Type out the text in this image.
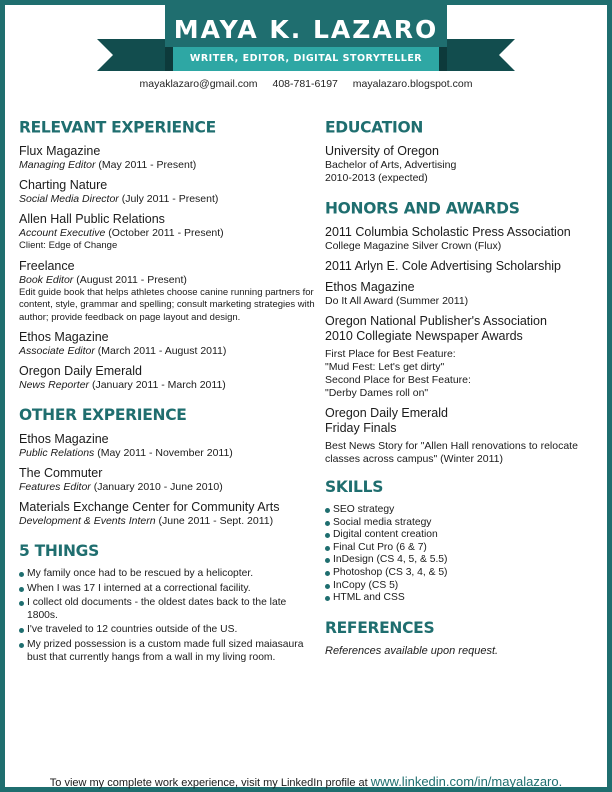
MAYA K. LAZARO
WRITER, EDITOR, DIGITAL STORYTELLER
mayaklazaro@gmail.com 408-781-6197 mayalazaro.blogspot.com
RELEVANT EXPERIENCE
Flux Magazine
Managing Editor (May 2011 - Present)
Charting Nature
Social Media Director (July 2011 - Present)
Allen Hall Public Relations
Account Executive (October 2011 - Present)
Client: Edge of Change
Freelance
Book Editor (August 2011 - Present)
Edit guide book that helps athletes choose canine running partners for content, style, grammar and spelling; consult marketing strategies with author; provide feedback on page layout and design.
Ethos Magazine
Associate Editor (March 2011 - August 2011)
Oregon Daily Emerald
News Reporter (January 2011 - March 2011)
OTHER EXPERIENCE
Ethos Magazine
Public Relations (May 2011 - November 2011)
The Commuter
Features Editor (January 2010 - June 2010)
Materials Exchange Center for Community Arts
Development & Events Intern (June 2011 - Sept. 2011)
5 THINGS
My family once had to be rescued by a helicopter.
When I was 17 I interned at a correctional facility.
I collect old documents - the oldest dates back to the late 1800s.
I've traveled to 12 countries outside of the US.
My prized possession is a custom made full sized maiasaura bust that currently hangs from a wall in my living room.
EDUCATION
University of Oregon
Bachelor of Arts, Advertising
2010-2013 (expected)
HONORS AND AWARDS
2011 Columbia Scholastic Press Association
College Magazine Silver Crown (Flux)
2011 Arlyn E. Cole Advertising Scholarship
Ethos Magazine
Do It All Award (Summer 2011)
Oregon National Publisher's Association
2010 Collegiate Newspaper Awards
First Place for Best Feature:
"Mud Fest: Let's get dirty"
Second Place for Best Feature:
"Derby Dames roll on"
Oregon Daily Emerald
Friday Finals
Best News Story for "Allen Hall renovations to relocate classes across campus" (Winter 2011)
SKILLS
SEO strategy
Social media strategy
Digital content creation
Final Cut Pro (6 & 7)
InDesign (CS 4, 5, & 5.5)
Photoshop (CS 3, 4, & 5)
InCopy (CS 5)
HTML and CSS
REFERENCES
References available upon request.
To view my complete work experience, visit my LinkedIn profile at www.linkedin.com/in/mayalazaro.
